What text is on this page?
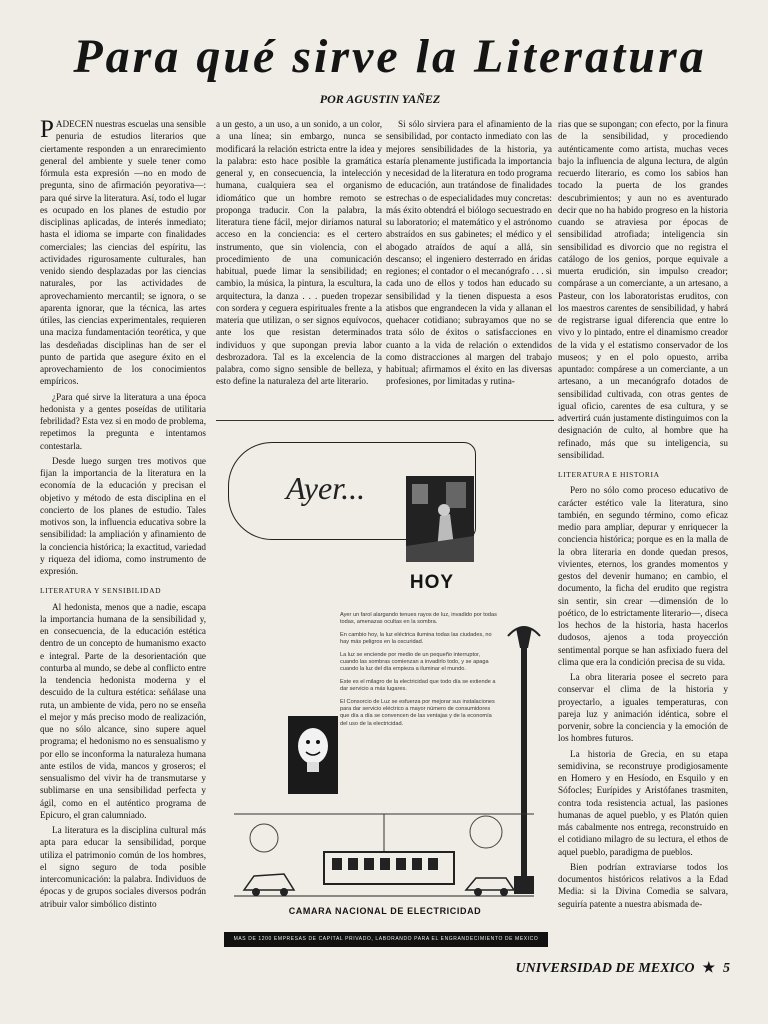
Para qué sirve la Literatura
POR AGUSTIN YAÑEZ

PADECEN nuestras escuelas una sensible penuria de estudios literarios que ciertamente responden a un enrarecimiento general del ambiente y suele tener como fórmula esta expresión —no en modo de pregunta, sino de afirmación peyorativa—: para qué sirve la literatura. Así, todo el lugar es ocupado en los planes de estudio por disciplinas aplicadas, de interés inmediato; hasta el idioma se imparte con finalidades comerciales; las ciencias del espíritu, las actividades rigurosamente culturales, han venido siendo desplazadas por las ciencias naturales, por las actividades de aprovechamiento mercantil; se ignora, o se aparenta ignorar, que la técnica, las artes útiles, las ciencias experimentales, requieren una maciza fundamentación teorética, y que las desdeñadas disciplinas han de ser el punto de partida que asegure éxito en el aprovechamiento de los conocimientos empíricos.

¿Para qué sirve la literatura a una época hedonista y a gentes poseídas de utilitaria febrilidad? Esta vez si en modo de problema, repetimos la pregunta e intentamos contestarla.

Desde luego surgen tres motivos que fijan la importancia de la literatura en la economía de la educación y precisan el objetivo y método de esta disciplina en el concierto de los planes de estudio. Tales motivos son, la influencia educativa sobre la sensibilidad: la ampliación y afinamiento de la conciencia histórica; la exactitud, variedad y riqueza del idioma, como instrumento de expresión.

LITERATURA Y SENSIBILIDAD

Al hedonista, menos que a nadie, escapa la importancia humana de la sensibilidad y, en consecuencia, de la educación estética dentro de un concepto de humanismo exacto e integral. Parte de la desorientación que conturba al mundo, se debe al conflicto entre la tendencia hedonista moderna y el descuido de la cultura estética: señálase una ruta, un ambiente de vida, pero no se enseña el mejor y más preciso modo de realización, que no sólo alcance, sino supere aquel programa; el hedonismo no es sensualismo y por ello se inconforma la naturaleza humana ante estilos de vida, mancos y groseros; el sensualismo del vivir ha de transmutarse y sublimarse en una sensibilidad perfecta y ágil, como en el auténtico programa de Epicuro, el gran calumniado.

La literatura es la disciplina cultural más apta para educar la sensibilidad, porque utiliza el patrimonio común de los hombres, el signo seguro de toda posible intercomunicación: la palabra. Individuos de épocas y de grupos sociales diversos podrán atribuir valor simbólico distinto

a un gesto, a un uso, a un sonido, a un color, a una línea; sin embargo, nunca se modificará la relación estricta entre la idea y la palabra: esto hace posible la gramática general y, en consecuencia, la intelección humana, cualquiera sea el organismo idiomático que un hombre remoto se proponga traducir. Con la palabra, la literatura tiene fácil, mejor diríamos natural acceso en la conciencia: es el certero instrumento, que sin violencia, con el procedimiento de una comunicación habitual, puede limar la sensibilidad; en cambio, la música, la pintura, la escultura, la arquitectura, la danza . . . pueden tropezar con sordera y ceguera espirituales frente a la materia que utilizan, o ser signos equívocos, ante los que resistan determinados individuos y que supongan previa labor desbrozadora. Tal es la excelencia de la palabra, como signo sensible de belleza, y esto define la naturaleza del arte literario.

Si sólo sirviera para el afinamiento de la sensibilidad, por contacto inmediato con las mejores sensibilidades de la historia, ya estaría plenamente justificada la importancia y necesidad de la literatura en todo programa de educación, aun tratándose de finalidades estrechas o de especialidades muy concretas: más éxito obtendrá el biólogo secuestrado en su laboratorio; el matemático y el astrónomo abstraídos en sus gabinetes; el médico y el abogado atraídos de aquí a allá, sin descanso; el ingeniero desterrado en áridas regiones; el contador o el mecanógrafo . . . si cada uno de ellos y todos han educado su sensibilidad y la tienen dispuesta a esos atisbos que engrandecen la vida y allanan el quehacer cotidiano; subrayamos que no se trata sólo de éxitos o satisfacciones en cuanto a la vida de relación o extendidos como distracciones al margen del trabajo habitual; afirmamos el éxito en las diversas profesiones, por limitadas y rutina-

rias que se supongan; con efecto, por la finura de la sensibilidad, y procediendo auténticamente como artista, muchas veces bajo la influencia de alguna lectura, de algún recuerdo literario, es como los sabios han tocado la puerta de los grandes descubrimientos; y aun no es aventurado decir que no ha habido progreso en la historia cuando se atraviesa por épocas de sensibilidad atrofiada; inteligencia sin sensibilidad es divorcio que no registra el catálogo de los genios, porque equivale a muerta erudición, sin impulso creador; compárase a un comerciante, a un artesano, a Pasteur, con los laboratoristas eruditos, con los maestros carentes de sensibilidad, y habrá de registrarse igual diferencia que entre lo vivo y lo pintado, entre el dinamismo creador de la vida y el estatismo conservador de los museos; y en el polo opuesto, arriba apuntado: compárese a un comerciante, a un artesano, a un mecanógrafo dotados de sensibilidad cultivada, con otras gentes de igual oficio, carentes de esa cultura, y se advertirá cuán justamente distinguimos con la designación de culto, al hombre que ha refinado, más que su inteligencia, su sensibilidad.

LITERATURA E HISTORIA

Pero no sólo como proceso educativo de carácter estético vale la literatura, sino también, en segundo término, como eficaz medio para ampliar, depurar y enriquecer la conciencia histórica; porque es en la malla de la obra literaria en donde quedan presos, vivientes, eternos, los grandes momentos y gestos del devenir humano; en cambio, el documento, la ficha del erudito que registra sin sentir, sin crear —dimensión de lo poético, de lo estrictamente literario—, diseca los hechos de la historia, hasta hacerlos dudosos, ajenos a toda proyección sentimental porque se han asfixiado fuera del clima que era la condición precisa de su vida.

La obra literaria posee el secreto para conservar el clima de la historia y proyectarlo, a iguales temperaturas, con pareja luz y animación idéntica, sobre el porvenir, sobre la conciencia y la emoción de los hombres futuros.

La historia de Grecia, en su etapa semidivina, se reconstruye prodigiosamente en Homero y en Hesíodo, en Esquilo y en Sófocles; Eurípides y Aristófanes trasmiten, contra toda resistencia actual, las pasiones humanas de aquel pueblo, y es Platón quien más cabalmente nos entrega, reconstruido en el cotidiano milagro de su lectura, el ethos de aquel pueblo, paradigma de pueblos.

Bien podrían extraviarse todos los documentos históricos relativos a la Edad Media: si la Divina Comedia se salvara, seguiría patente a nuestra abismada de-

Ayer...
HOY

Ayer un farol alargando tenues rayos de luz, invadido por todas todas, amenazas ocultas en la sombra.

En cambio hoy, la luz eléctrica ilumina todas las ciudades, no hay más peligros en la oscuridad.

La luz se enciende por medio de un pequeño interruptor, cuando las sombras comienzan a invadirlo todo, y se apaga cuando la luz del día empieza a iluminar el mundo.

Este es el milagro de la electricidad que todo día se extiende a dar servicio a más lugares.

El Consorcio de Luz se esfuerza por mejorar sus instalaciones para dar servicio eléctrico a mayor número de consumidores que día a día se convencen de las ventajas y de la economía del uso de la electricidad.

CAMARA NACIONAL DE ELECTRICIDAD
MAS DE 1200 EMPRESAS DE CAPITAL PRIVADO, LABORANDO PARA EL ENGRANDECIMIENTO DE MEXICO
UNIVERSIDAD DE MEXICO ★ 5
